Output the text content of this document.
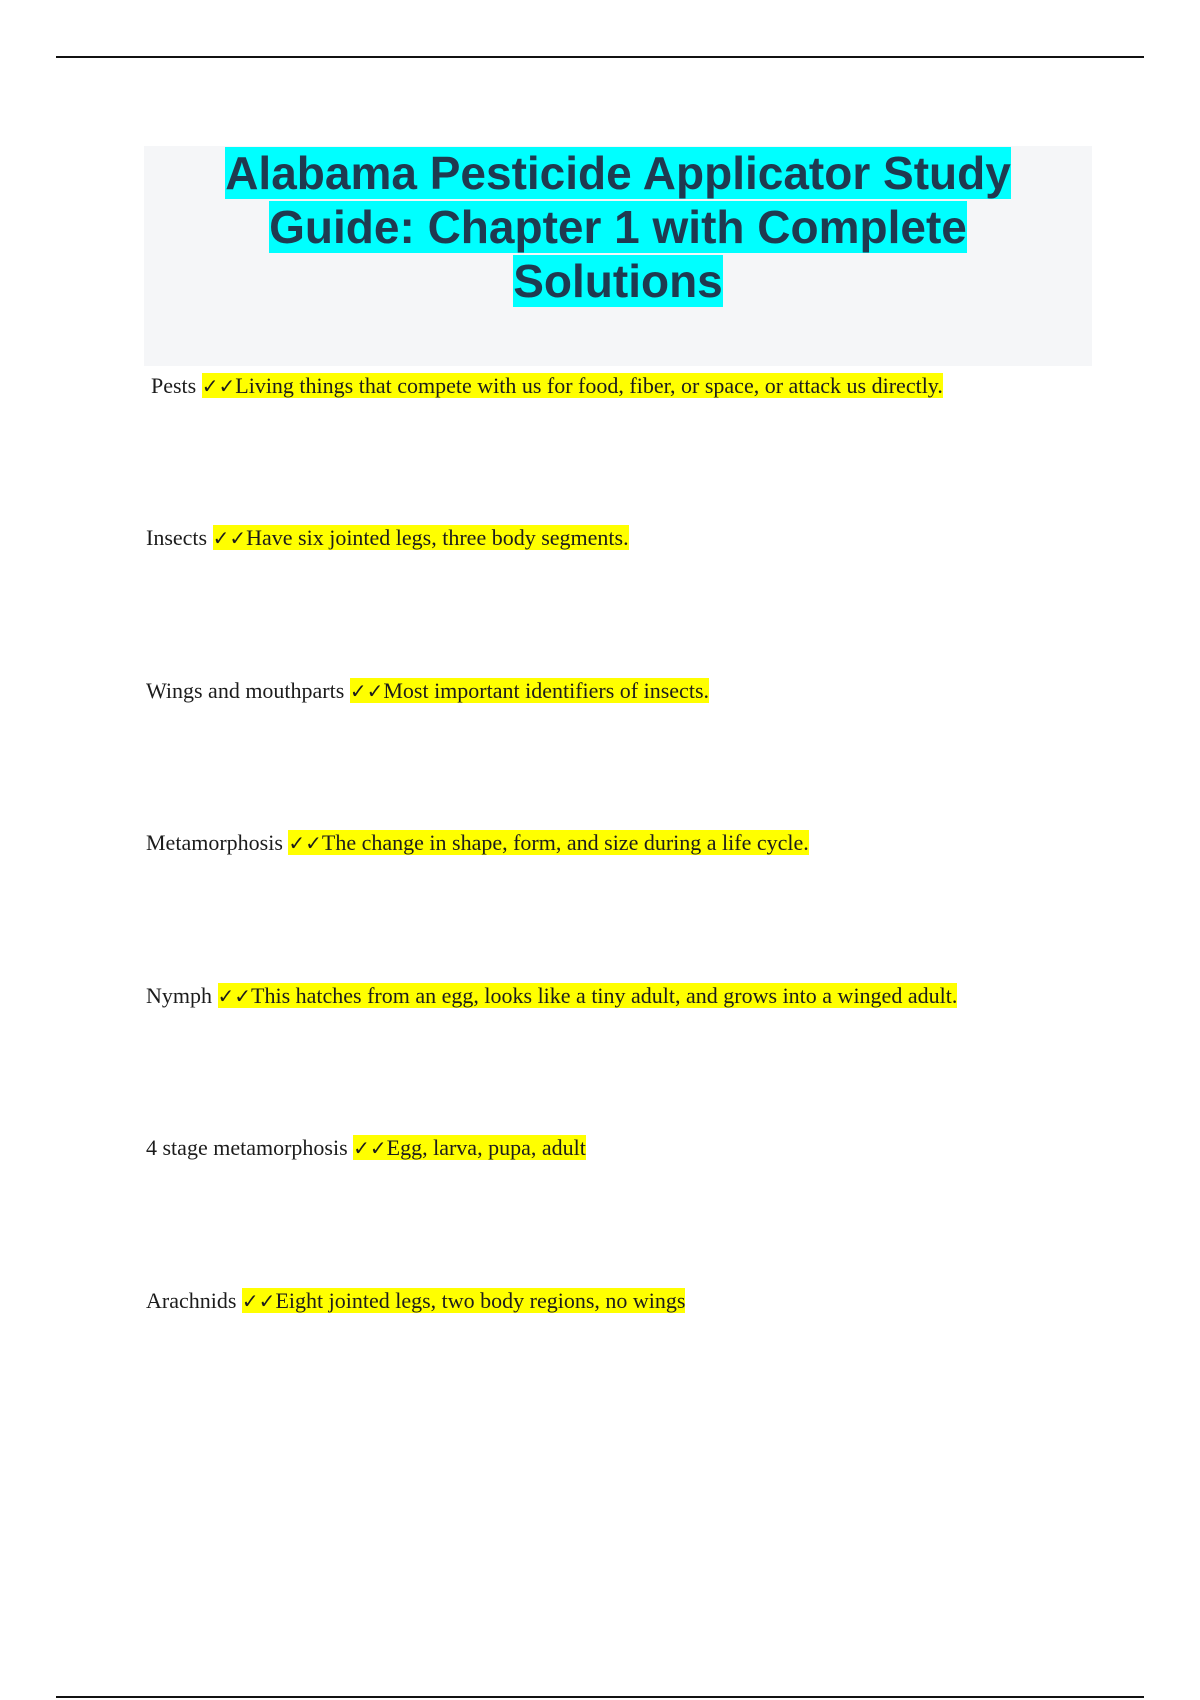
Alabama Pesticide Applicator Study
Guide: Chapter 1 with Complete
Solutions
Pests ✓✓Living things that compete with us for food, fiber, or space, or attack us directly.
Insects ✓✓Have six jointed legs, three body segments.
Wings and mouthparts ✓✓Most important identifiers of insects.
Metamorphosis ✓✓The change in shape, form, and size during a life cycle.
Nymph ✓✓This hatches from an egg, looks like a tiny adult, and grows into a winged adult.
4 stage metamorphosis ✓✓Egg, larva, pupa, adult
Arachnids ✓✓Eight jointed legs, two body regions, no wings
